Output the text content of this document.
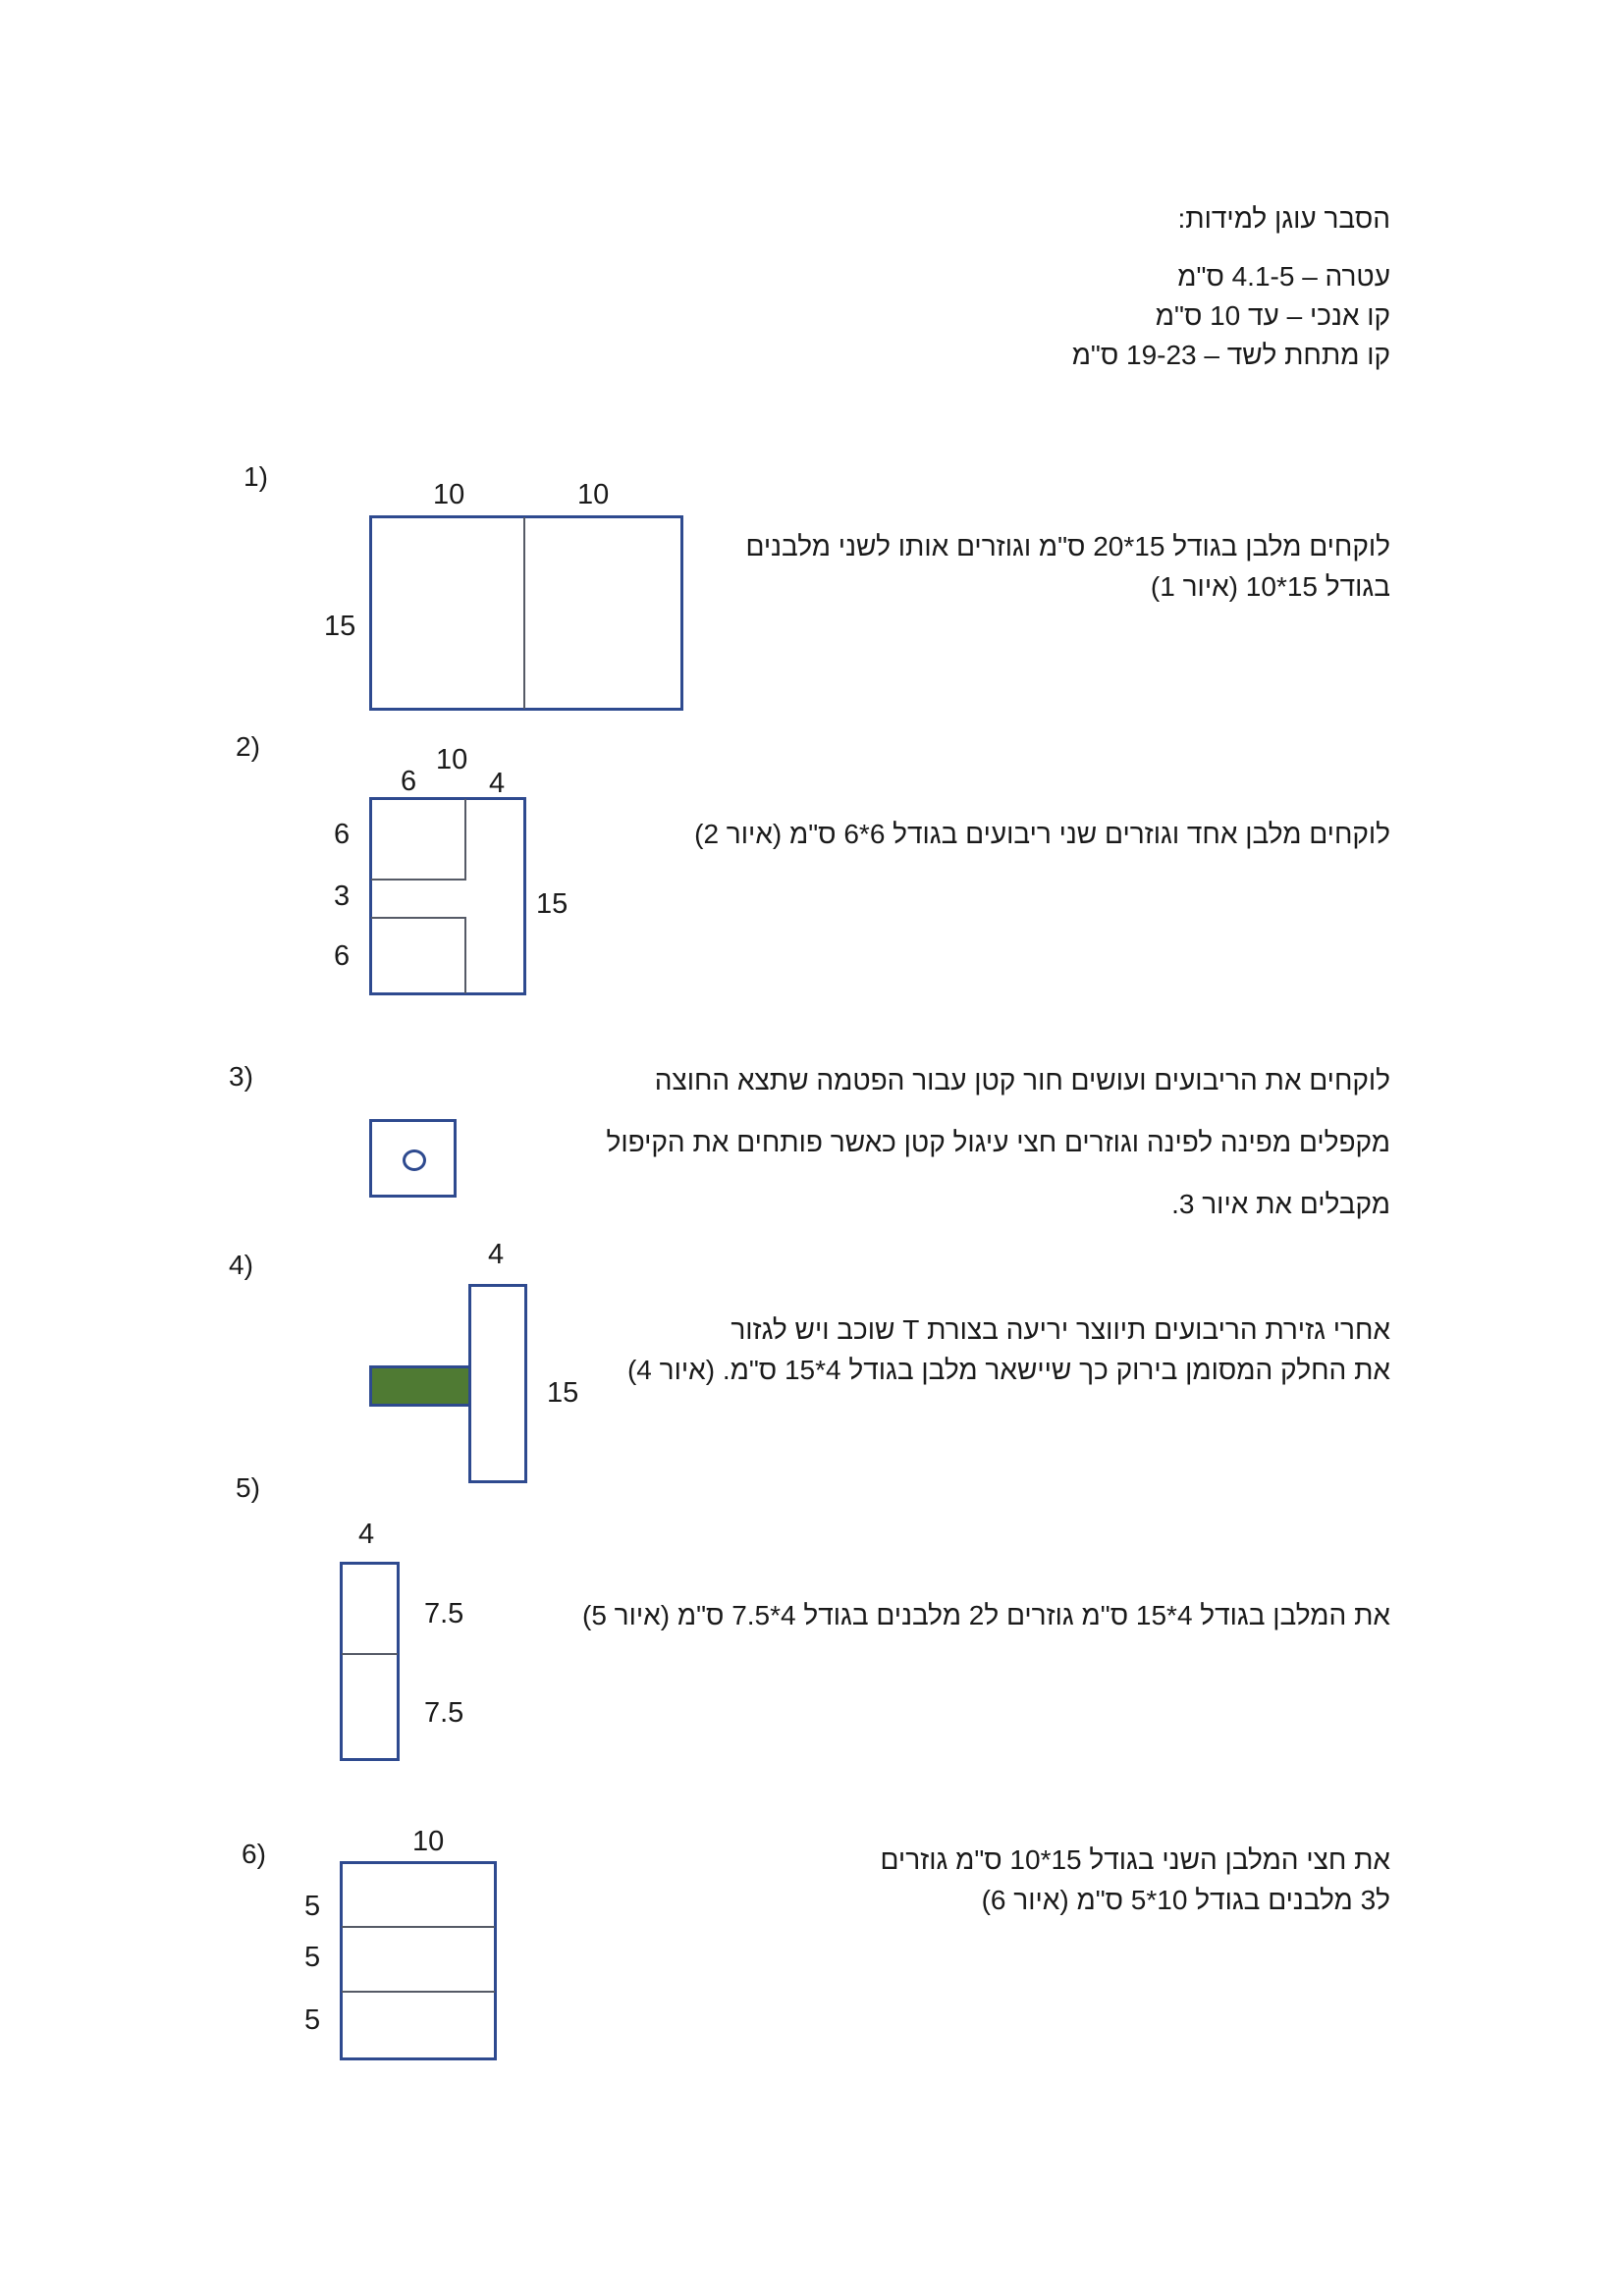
הסבר עוגן למידות:
עטרה – 4.1-5 ס"מ
קו אנכי – עד 10 ס"מ
קו מתחת לשד – 19-23 ס"מ
1)
לוקחים מלבן בגודל 15*20 ס"מ וגוזרים אותו לשני מלבנים
בגודל 15*10 (איור 1)
10	10
15
2)
לוקחים מלבן אחד וגוזרים שני ריבועים בגודל 6*6 ס"מ (איור 2)
10
6	4
6
3
6
15
3)	לוקחים את הריבועים ועושים חור קטן עבור הפטמה שתצא החוצה
מקפלים מפינה לפינה וגוזרים חצי עיגול קטן כאשר פותחים את הקיפול
מקבלים את איור 3.
4)
אחרי גזירת הריבועים תיווצר יריעה בצורת T שוכב ויש לגזור
את החלק המסומן בירוק כך שיישאר מלבן בגודל 4*15 ס"מ. (איור 4)
4
15
5)
את המלבן בגודל 4*15 ס"מ גוזרים ל2 מלבנים בגודל 4*7.5 ס"מ (איור 5)
4
7.5
7.5
6)	את חצי המלבן השני בגודל 15*10 ס"מ גוזרים
ל3 מלבנים בגודל 10*5 ס"מ (איור 6)
10
5
5
5
